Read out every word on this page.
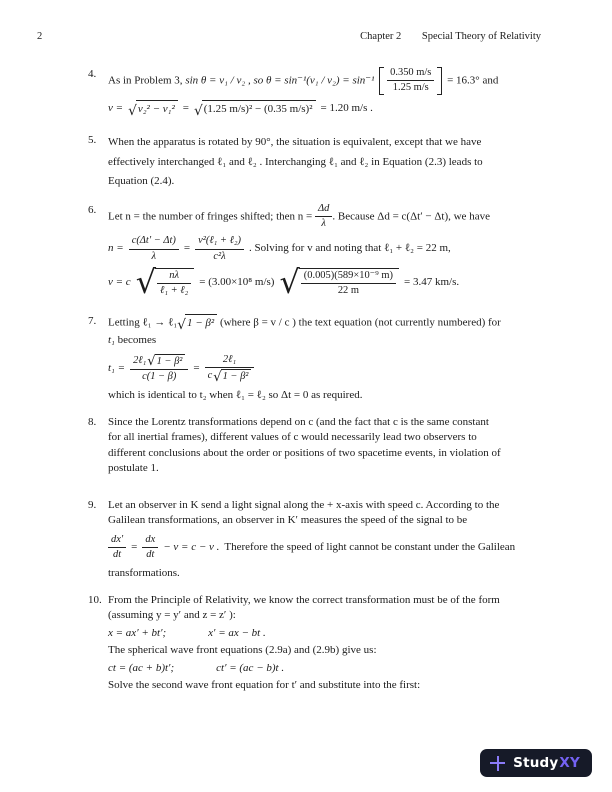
2	Chapter 2 Special Theory of Relativity
4.
As in Problem 3, sin θ = v₁ / v₂ , so $\theta = \sin^{-1}(v_1 / v_2) = \sin^{-1} \frac{0.350 m/s}{1.25 m/s} = 16.3^\circ$ and
v = √ v₂² − v₁² = √ (1.25 m/s)² − (0.35 m/s)² = 1.20 m/s .
5.	When the apparatus is rotated by 90°, the situation is equivalent, except that we have
effectively interchanged ℓ₁ and ℓ₂ . Interchanging ℓ₁ and ℓ₂ in Equation (2.3) leads to
Equation (2.4).
6.
Let n = the number of fringes shifted; then $n = \frac{\Delta d}{\lambda}$ . Because Δd = c(Δt′ − Δt), we have
$n = \frac{c(\Delta t' - \Delta t)}{\lambda} = \frac{\text{v²(ℓ₁ + ℓ₂)}}{\text{c²λ}}$ . Solving for v and noting that ℓ₁ + ℓ₂ = 22 m,
v = c √ $\frac{n\lambda}{\text{ℓ₁ + ℓ₂}} = (3.00\times 10^8$ m/s) √ $\frac{\text{(0.005)(589×10⁻⁹ m)}}{22 m} = 3.47$ km/s.
7.	Letting ℓ₁ → ℓ₁ √ 1 − β² (where β = v / c ) the text equation (not currently numbered) for
t₁ becomes
$t_1 = \frac{\text{2ℓ₁ √ 1 − β²}}{c(1 - \beta)} = \frac{\text{2ℓ₁}}{\text{c √ 1 − β²}}$
which is identical to t₂ when ℓ₁ = ℓ₂ so Δt = 0 as required.
8.	Since the Lorentz transformations depend on c (and the fact that c is the same constant
for all inertial frames), different values of c would necessarily lead two observers to
different conclusions about the order or positions of two spacetime events, in violation of
postulate 1.
9.	Let an observer in K send a light signal along the + x-axis with speed c. According to the
Galilean transformations, an observer in K′ measures the speed of the signal to be
$\frac{dx'}{dt} = \frac{dx}{dt} - v = c - v$ . Therefore the speed of light cannot be constant under the Galilean
transformations.
10. From the Principle of Relativity, we know the correct transformation must be of the form
(assuming y = y′ and z = z′ ):
x = ax′ + bt′;	x′ = ax − bt .
The spherical wave front equations (2.9a) and (2.9b) give us:
ct = (ac + b)t′;	ct′ = (ac − b)t .
Solve the second wave front equation for t′ and substitute into the first:
Study XY
